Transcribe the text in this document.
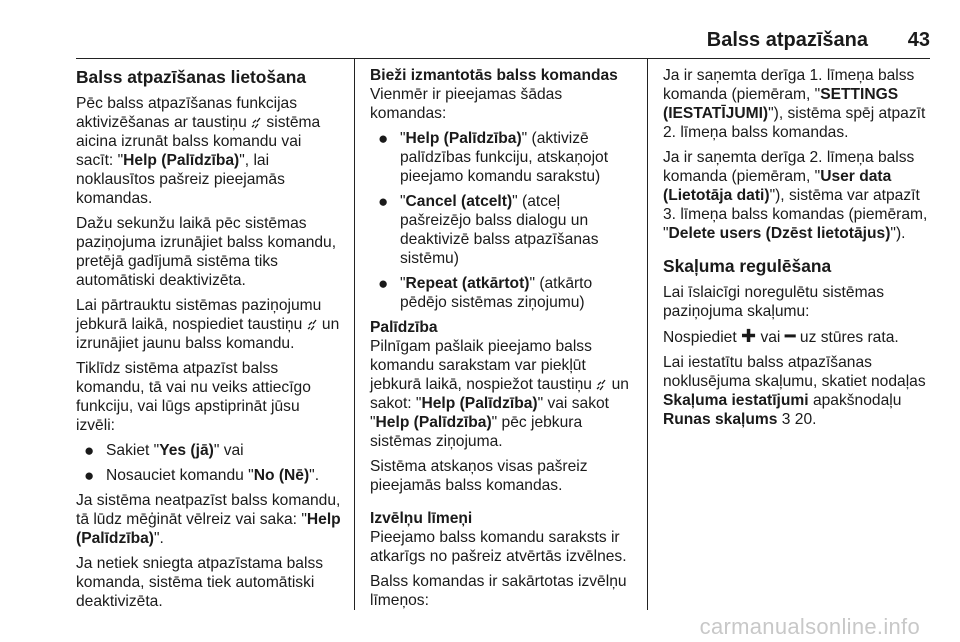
Balss atpazīšana 43
Balss atpazīšanas lietošana

Pēc balss atpazīšanas funkcijas aktivizēšanas ar taustiņu  sistēma aicina izrunāt balss komandu vai sacīt: "Help (Palīdzība)", lai noklausītos pašreiz pieejamās komandas.

Dažu sekunžu laikā pēc sistēmas paziņojuma izrunājiet balss komandu, pretējā gadījumā sistēma tiks automātiski deaktivizēta.

Lai pārtrauktu sistēmas paziņojumu jebkurā laikā, nospiediet taustiņu  un izrunājiet jaunu balss komandu.

Tiklīdz sistēma atpazīst balss komandu, tā vai nu veiks attiecīgo funkciju, vai lūgs apstiprināt jūsu izvēli:

● Sakiet "Yes (jā)" vai
● Nosauciet komandu "No (Nē)".

Ja sistēma neatpazīst balss komandu, tā lūdz mēģināt vēlreiz vai saka: "Help (Palīdzība)".

Ja netiek sniegta atpazīstama balss komanda, sistēma tiek automātiski deaktivizēta.

Bieži izmantotās balss komandas

Vienmēr ir pieejamas šādas komandas:

● "Help (Palīdzība)" (aktivizē palīdzības funkciju, atskaņojot pieejamo komandu sarakstu)
● "Cancel (atcelt)" (atceļ pašreizējo balss dialogu un deaktivizē balss atpazīšanas sistēmu)
● "Repeat (atkārtot)" (atkārto pēdējo sistēmas ziņojumu)
Palīdzība

Pilnīgam pašlaik pieejamo balss komandu sarakstam var piekļūt jebkurā laikā, nospiežot taustiņu  un sakot: "Help (Palīdzība)" vai sakot "Help (Palīdzība)" pēc jebkura sistēmas ziņojuma.

Sistēma atskaņos visas pašreiz pieejamās balss komandas.

Izvēlņu līmeņi

Pieejamo balss komandu saraksts ir atkarīgs no pašreiz atvērtās izvēlnes.

Balss komandas ir sakārtotas izvēlņu līmeņos:

Ja ir saņemta derīga 1. līmeņa balss komanda (piemēram, "SETTINGS (IESTATĪJUMI)"), sistēma spēj atpazīt 2. līmeņa balss komandas.

Ja ir saņemta derīga 2. līmeņa balss komanda (piemēram, "User data (Lietotāja dati)"), sistēma var atpazīt 3. līmeņa balss komandas (piemēram, "Delete users (Dzēst lietotājus)").

Skaļuma regulēšana

Lai īslaicīgi noregulētu sistēmas paziņojuma skaļumu:

Nospiediet ✚ vai ━ uz stūres rata.

Lai iestatītu balss atpazīšanas noklusējuma skaļumu, skatiet nodaļas Skaļuma iestatījumi apakšnodaļu Runas skaļums 3 20.

carmanualsonline.info
